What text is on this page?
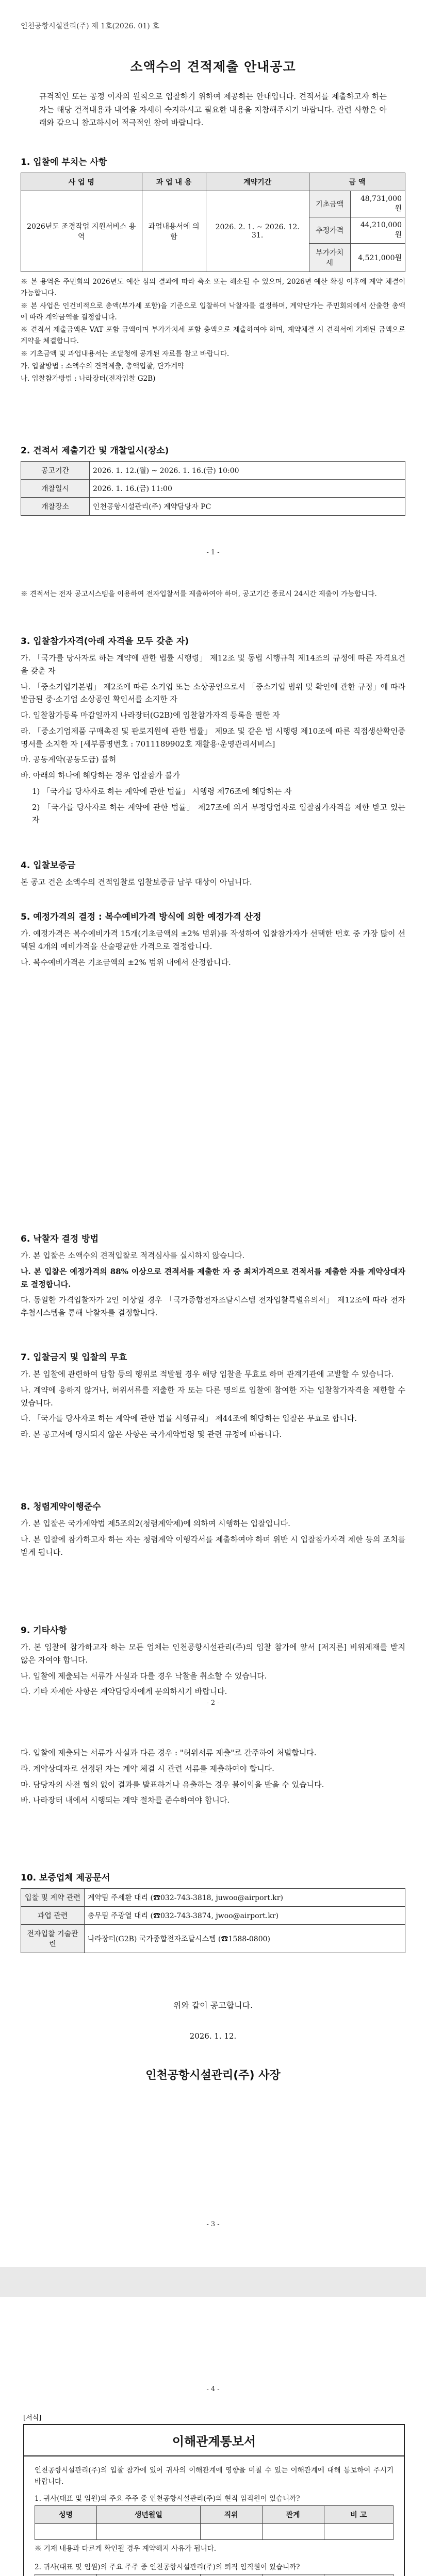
인천공항시설관리(주) 제 1호(2026. 01) 호
소액수의 견적제출 안내공고

규격적인 또는 공정 이자의 원칙으로 입찰하기 위하여 제공하는 안내입니다. 견적서를 제출하고자 하는 자는 해당 건적내용과 내역을 자세히 숙지하시고 필요한 내용을 지참해주시기 바랍니다. 관련 사항은 아래와 같으니 참고하시어 적극적인 참여 바랍니다.

1. 입찰에 부치는 사항
사 업 명	과 업 내 용	계약기간	금 액	
2026년도 조경작업 지원서비스 용역	과업내용서에 의함	2026. 2. 1. ~ 2026. 12. 31.	기초금액	48,731,000원
			추정가격	44,210,000원
			부가가치세	4,521,000원

※ 본 용역은 주민회의 2026년도 예산 심의 결과에 따라 축소 또는 해소될 수 있으며, 2026년 예산 확정 이후에 계약 체결이 가능합니다.

※ 본 사업은 인건비적으로 총액(부가세 포함)을 기준으로 입찰하며 낙찰자를 결정하며, 계약단가는 주민회의에서 산출한 총액에 따라 계약금액을 결정합니다.

※ 견적서 제출금액은 VAT 포함 금액이며 부가가치세 포함 총액으로 제출하여야 하며, 계약체결 시 견적서에 기재된 금액으로 계약을 체결합니다.

※ 기초금액 및 과업내용서는 조달청에 공개된 자료를 참고 바랍니다.

가. 입찰방법 : 소액수의 견적제출, 총액입찰, 단가계약

나. 입찰참가방법 : 나라장터(전자입찰 G2B)

2. 견적서 제출기간 및 개찰일시(장소)
공고기간	2026. 1. 12.(월) ~ 2026. 1. 16.(금) 10:00
개찰일시	2026. 1. 16.(금) 11:00
개찰장소	인천공항시설관리(주) 계약담당자 PC
- 1 -

※ 견적서는 전자 공고시스템을 이용하여 전자입찰서를 제출하여야 하며, 공고기간 종료시 24시간 제출이 가능합니다.

3. 입찰참가자격(아래 자격을 모두 갖춘 자)

가. 「국가를 당사자로 하는 계약에 관한 법률 시행령」 제12조 및 동법 시행규칙 제14조의 규정에 따른 자격요건을 갖춘 자

나. 「중소기업기본법」 제2조에 따른 소기업 또는 소상공인으로서 「중소기업 범위 및 확인에 관한 규정」에 따라 발급된 중·소기업 소상공인 확인서를 소지한 자

다. 입찰참가등록 마감일까지 나라장터(G2B)에 입찰참가자격 등록을 필한 자

라. 「중소기업제품 구매촉진 및 판로지원에 관한 법률」 제9조 및 같은 법 시행령 제10조에 따른 직접생산확인증명서를 소지한 자 [세부품명번호 : 7011189902호 재활용·운영관리서비스]

마. 공동계약(공동도급) 불허

바. 아래의 하나에 해당하는 경우 입찰참가 불가

1) 「국가를 당사자로 하는 계약에 관한 법률」 시행령 제76조에 해당하는 자

2) 「국가를 당사자로 하는 계약에 관한 법률」 제27조에 의거 부정당업자로 입찰참가자격을 제한 받고 있는 자

4. 입찰보증금

본 공고 건은 소액수의 견적입찰로 입찰보증금 납부 대상이 아닙니다.

5. 예정가격의 결정 : 복수예비가격 방식에 의한 예정가격 산정

가. 예정가격은 복수예비가격 15개(기초금액의 ±2% 범위)를 작성하여 입찰참가자가 선택한 번호 중 가장 많이 선택된 4개의 예비가격을 산술평균한 가격으로 결정합니다.

나. 복수예비가격은 기초금액의 ±2% 범위 내에서 산정합니다.

6. 낙찰자 결정 방법

가. 본 입찰은 소액수의 견적입찰로 적격심사를 실시하지 않습니다.

나. 본 입찰은 예정가격의 88% 이상으로 견적서를 제출한 자 중 최저가격으로 견적서를 제출한 자를 계약상대자로 결정합니다.

다. 동일한 가격입찰자가 2인 이상일 경우 「국가종합전자조달시스템 전자입찰특별유의서」 제12조에 따라 전자추첨시스템을 통해 낙찰자를 결정합니다.

7. 입찰금지 및 입찰의 무효

가. 본 입찰에 관련하여 담합 등의 행위로 적발될 경우 해당 입찰을 무효로 하며 관계기관에 고발할 수 있습니다.

나. 계약에 응하지 않거나, 허위서류를 제출한 자 또는 다른 명의로 입찰에 참여한 자는 입찰참가자격을 제한할 수 있습니다.

다. 「국가를 당사자로 하는 계약에 관한 법률 시행규칙」 제44조에 해당하는 입찰은 무효로 합니다.

라. 본 공고서에 명시되지 않은 사항은 국가계약법령 및 관련 규정에 따릅니다.

8. 청렴계약이행준수

가. 본 입찰은 국가계약법 제5조의2(청렴계약제)에 의하여 시행하는 입찰입니다.

나. 본 입찰에 참가하고자 하는 자는 청렴계약 이행각서를 제출하여야 하며 위반 시 입찰참가자격 제한 등의 조치를 받게 됩니다.

9. 기타사항

가. 본 입찰에 참가하고자 하는 모든 업체는 인천공항시설관리(주)의 입찰 참가에 앞서 [저지른] 비위제재를 받지 않은 자여야 합니다.

나. 입찰에 제출되는 서류가 사실과 다를 경우 낙찰을 취소할 수 있습니다.

다. 기타 자세한 사항은 계약담당자에게 문의하시기 바랍니다.

- 2 -

다. 입찰에 제출되는 서류가 사실과 다른 경우 : "허위서류 제출"로 간주하여 처벌합니다.

라. 계약상대자로 선정된 자는 계약 체결 시 관련 서류를 제출하여야 합니다.

마. 담당자의 사전 협의 없이 결과를 발표하거나 유출하는 경우 불이익을 받을 수 있습니다.

바. 나라장터 내에서 시행되는 계약 절차를 준수하여야 합니다.

10. 보증업체 제공문서
입찰 및 계약 관련	계약팀 주세환 대리 (☎032-743-3818, juwoo@airport.kr)
과업 관련	총무팀 주광열 대리 (☎032-743-3874, jwoo@airport.kr)
전자입찰 기술관련	나라장터(G2B) 국가종합전자조달시스템 (☎1588-0800)
위와 같이 공고합니다.
2026. 1. 12.
인천공항시설관리(주) 사장
- 3 -
- 4 -
[서식]
이해관계통보서

인천공항시설관리(주)의 입찰 참가에 있어 귀사의 이해관계에 영향을 미칠 수 있는 이해관계에 대해 통보하여 주시기 바랍니다.

1. 귀사(대표 및 임원)의 주요 주주 중 인천공항시설관리(주)의 현직 임직원이 있습니까?

성명	생년월일	직위	관계	비 고

※ 기재 내용과 다르게 확인될 경우 계약해지 사유가 됩니다.

2. 귀사(대표 및 임원)의 주요 주주 중 인천공항시설관리(주)의 퇴직 임직원이 있습니까?
